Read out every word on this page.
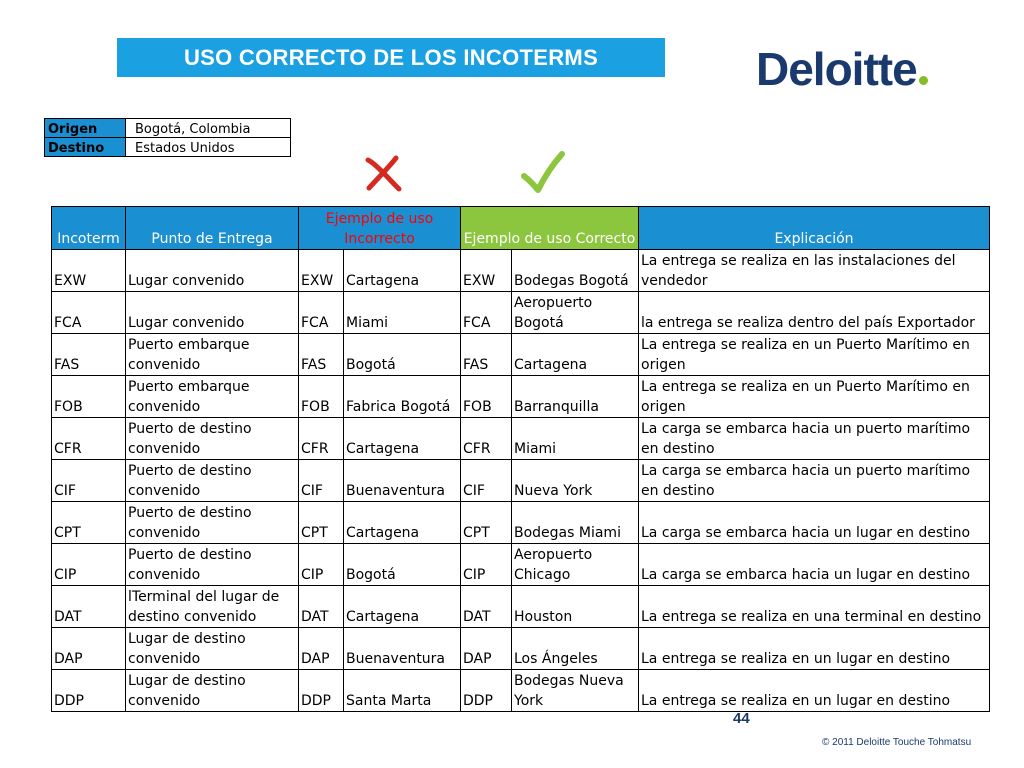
USO CORRECTO DE LOS INCOTERMS	Deloitte
Origen	Bogotá, Colombia
Destino	Estados Unidos
Incoterm	Punto de Entrega	Ejemplo de uso Incorrecto		Ejemplo de uso Correcto		Explicación
EXW	Lugar convenido	EXW	Cartagena	EXW	Bodegas Bogotá	La entrega se realiza en las instalaciones del vendedor
FCA	Lugar convenido	FCA	Miami	FCA	Aeropuerto Bogotá	la entrega se realiza dentro del país Exportador
FAS	Puerto embarque convenido	FAS	Bogotá	FAS	Cartagena	La entrega se realiza en un Puerto Marítimo en origen
FOB	Puerto embarque convenido	FOB	Fabrica Bogotá	FOB	Barranquilla	La entrega se realiza en un Puerto Marítimo en origen
CFR	Puerto de destino convenido	CFR	Cartagena	CFR	Miami	La carga se embarca hacia un puerto marítimo en destino
CIF	Puerto de destino convenido	CIF	Buenaventura	CIF	Nueva York	La carga se embarca hacia un puerto marítimo en destino
CPT	Puerto de destino convenido	CPT	Cartagena	CPT	Bodegas Miami	La carga se embarca hacia un lugar en destino
CIP	Puerto de destino convenido	CIP	Bogotá	CIP	Aeropuerto Chicago	La carga se embarca hacia un lugar en destino
DAT	lTerminal del lugar de destino convenido	DAT	Cartagena	DAT	Houston	La entrega se realiza en una terminal en destino
DAP	Lugar de destino convenido	DAP	Buenaventura	DAP	Los Ángeles	La entrega se realiza en un lugar en destino
DDP	Lugar de destino convenido	DDP	Santa Marta	DDP	Bodegas Nueva York	La entrega se realiza en un lugar en destino
44
© 2011 Deloitte Touche Tohmatsu
